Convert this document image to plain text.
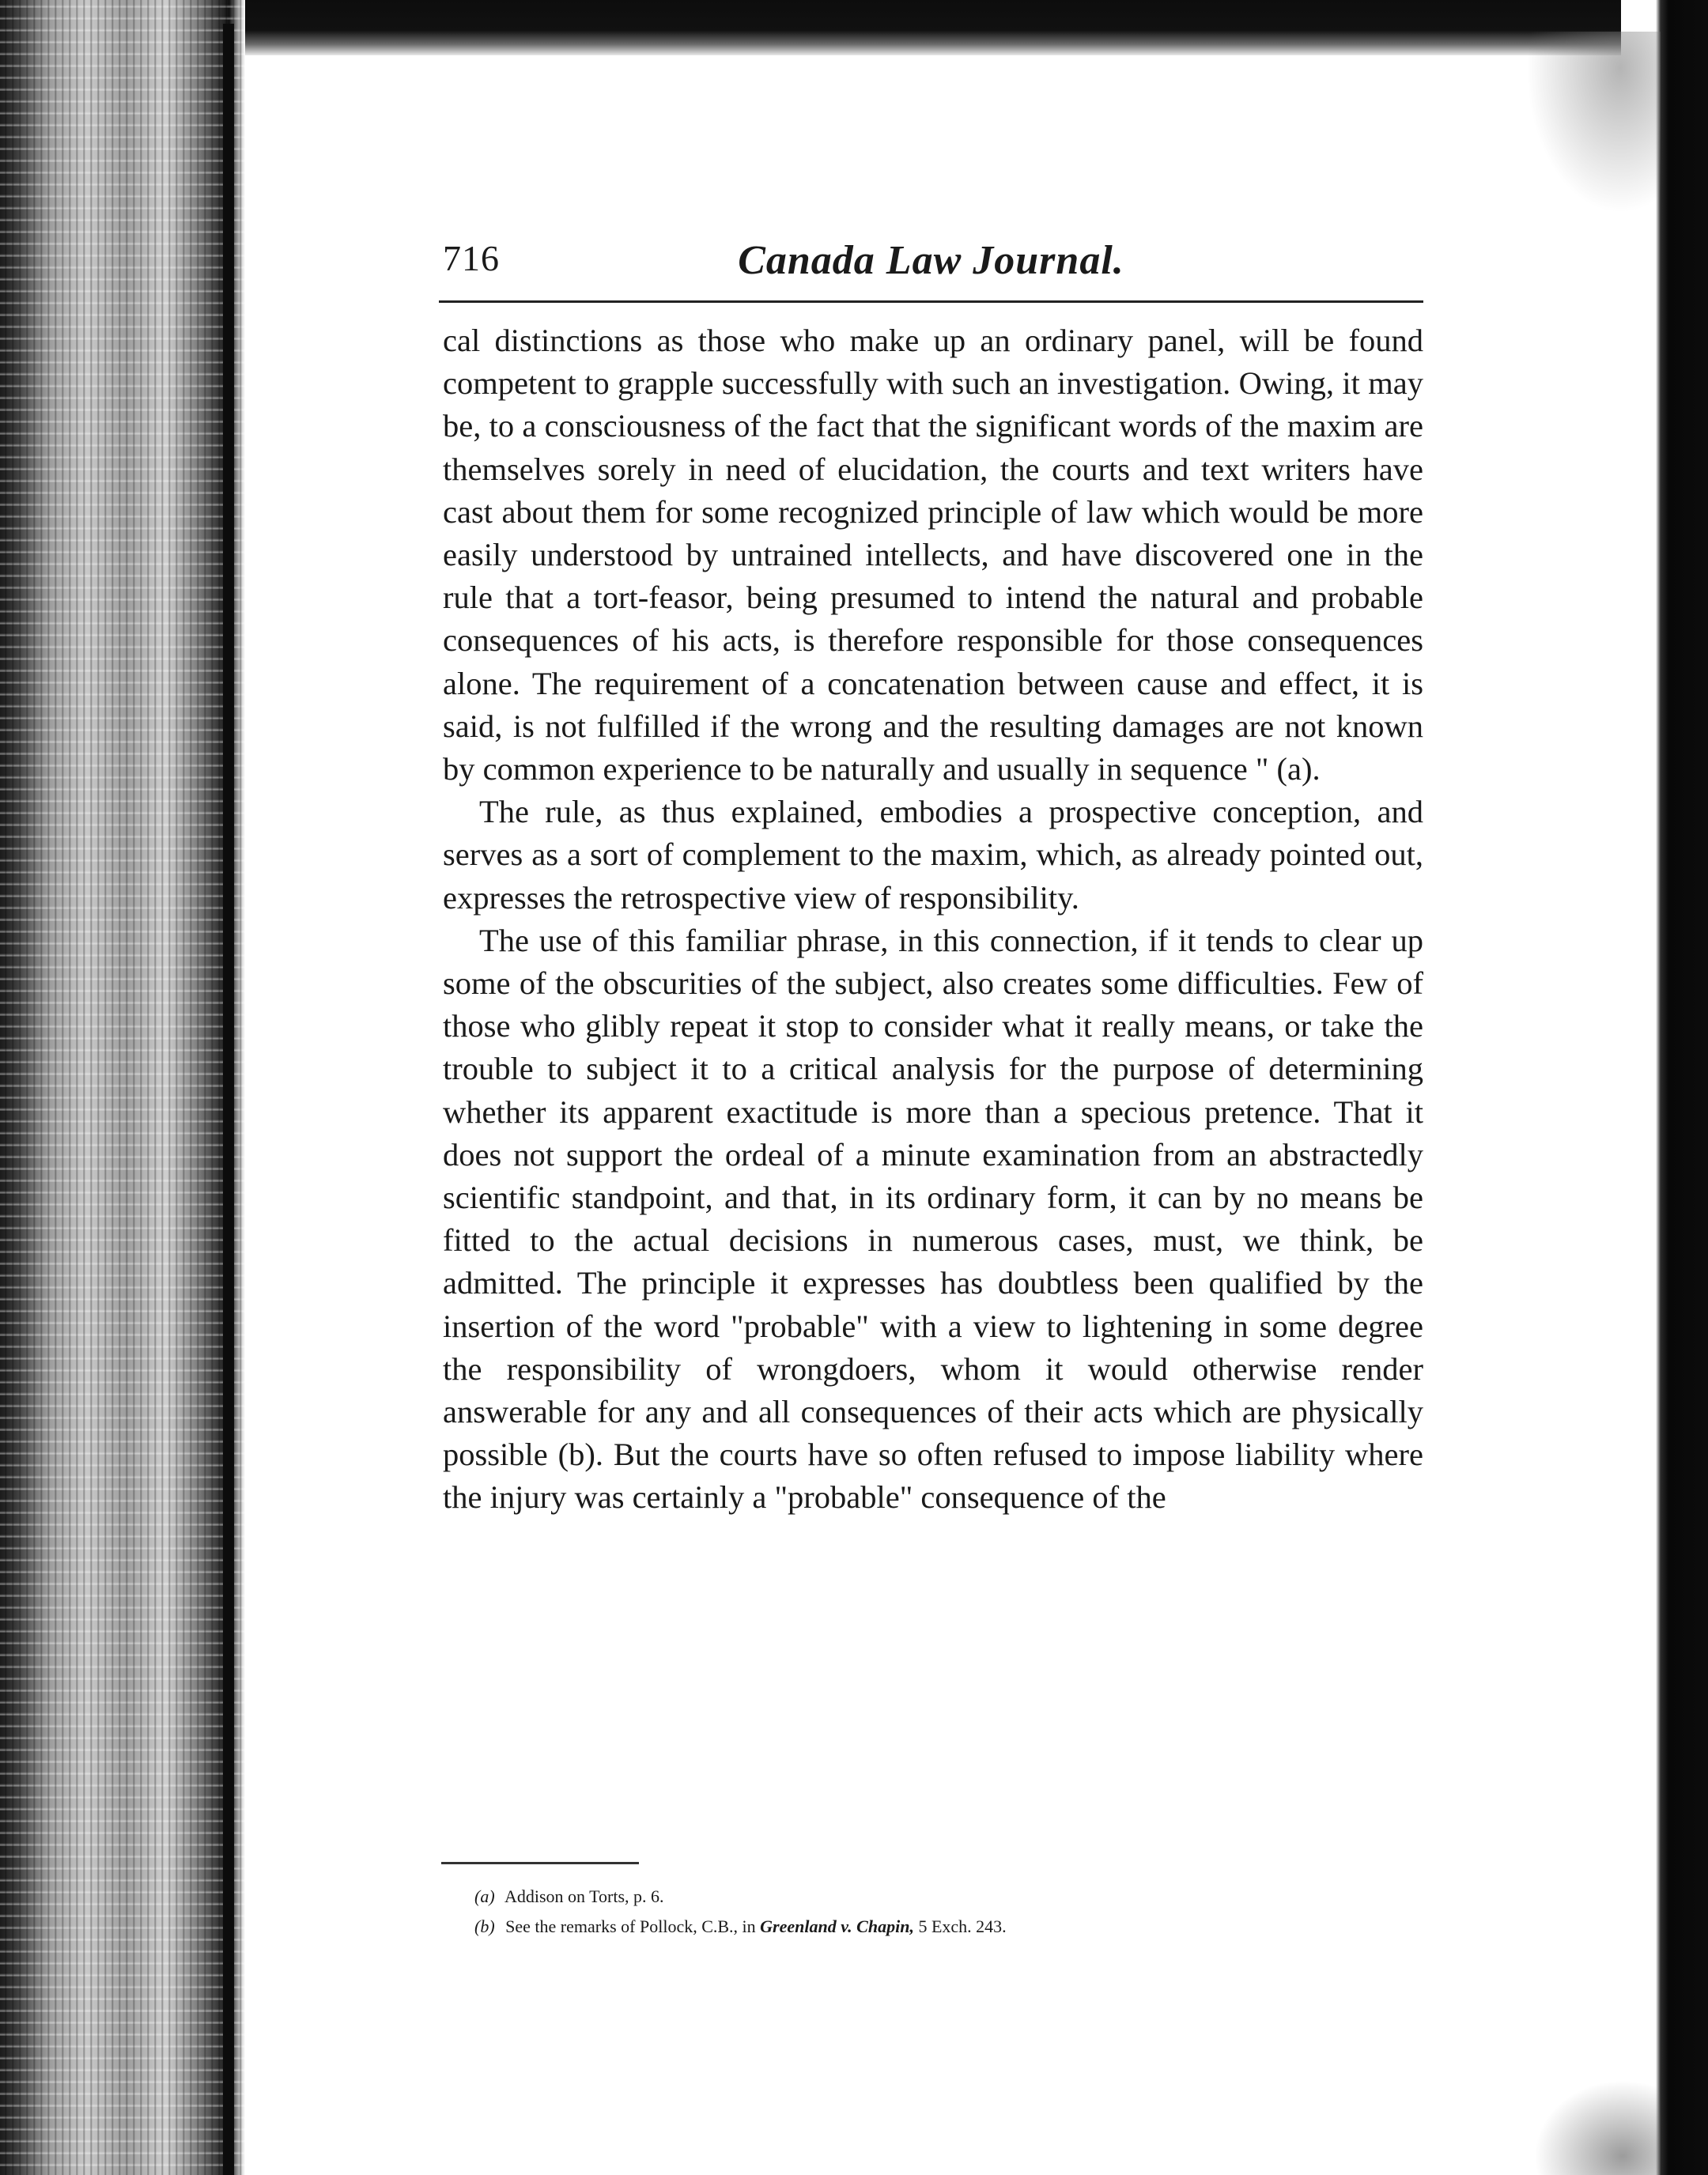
716	Canada Law Journal.

cal distinctions as those who make up an ordinary panel, will be found competent to grapple successfully with such an investigation. Owing, it may be, to a consciousness of the fact that the significant words of the maxim are themselves sorely in need of elucidation, the courts and text writers have cast about them for some recognized principle of law which would be more easily understood by untrained intellects, and have discovered one in the rule that a tort-feasor, being presumed to intend the natural and probable consequences of his acts, is therefore responsible for those consequences alone. The requirement of a concatenation between cause and effect, it is said, is not fulfilled if the wrong and the resulting damages are not known by common experience to be naturally and usually in sequence " (a).

The rule, as thus explained, embodies a prospective conception, and serves as a sort of complement to the maxim, which, as already pointed out, expresses the retrospective view of responsibility.

The use of this familiar phrase, in this connection, if it tends to clear up some of the obscurities of the subject, also creates some difficulties. Few of those who glibly repeat it stop to consider what it really means, or take the trouble to subject it to a critical analysis for the purpose of determining whether its apparent exactitude is more than a specious pretence. That it does not support the ordeal of a minute examination from an abstractedly scientific standpoint, and that, in its ordinary form, it can by no means be fitted to the actual decisions in numerous cases, must, we think, be admitted. The principle it expresses has doubtless been qualified by the insertion of the word "probable" with a view to lightening in some degree the responsibility of wrongdoers, whom it would otherwise render answerable for any and all consequences of their acts which are physically possible (b). But the courts have so often refused to impose liability where the injury was certainly a "probable" consequence of the

(a) Addison on Torts, p. 6.
(b) See the remarks of Pollock, C.B., in Greenland v. Chapin, 5 Exch. 243.
